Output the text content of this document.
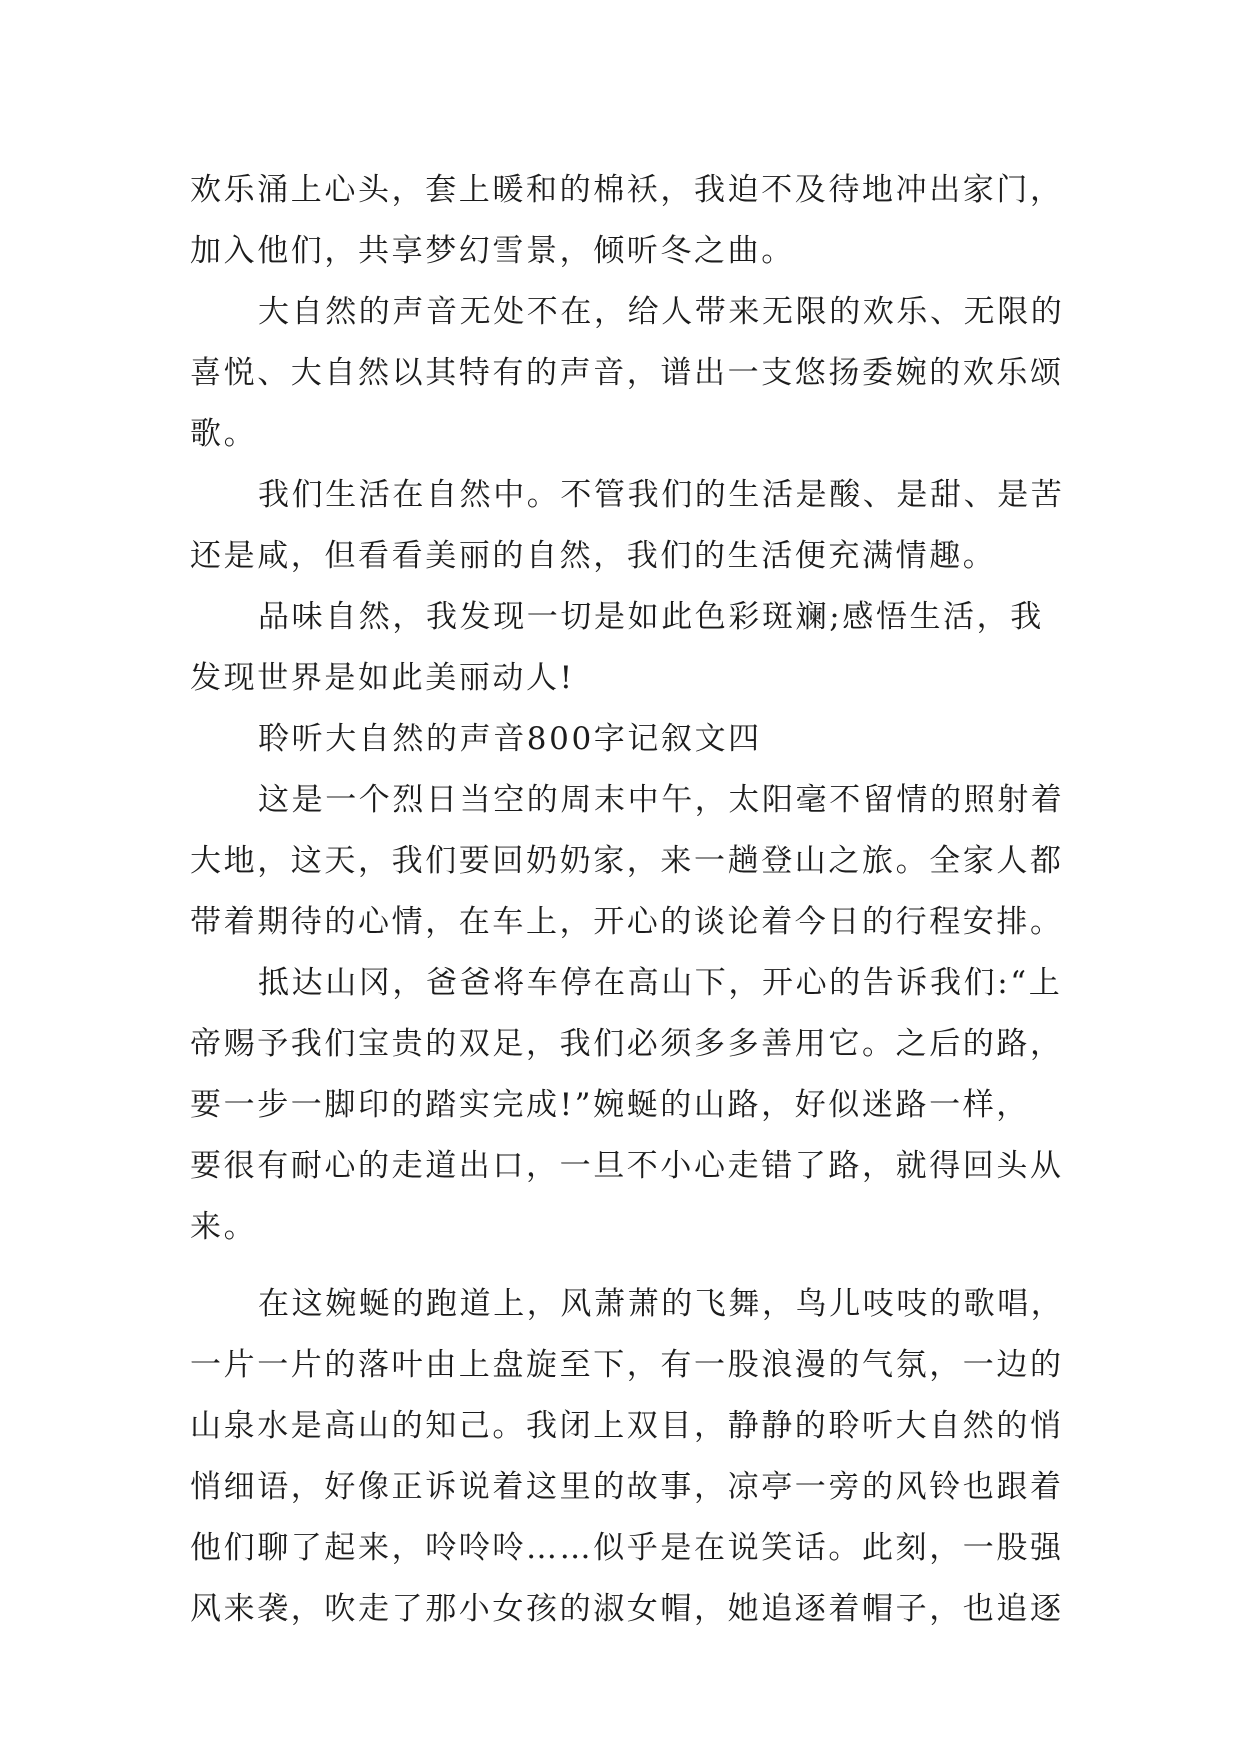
欢乐涌上心头，套上暖和的棉袄，我迫不及待地冲出家门，
加入他们，共享梦幻雪景，倾听冬之曲。
大自然的声音无处不在，给人带来无限的欢乐、无限的
喜悦、大自然以其特有的声音，谱出一支悠扬委婉的欢乐颂
歌。
我们生活在自然中。不管我们的生活是酸、是甜、是苦
还是咸，但看看美丽的自然，我们的生活便充满情趣。
品味自然，我发现一切是如此色彩斑斓;感悟生活，我
发现世界是如此美丽动人!
聆听大自然的声音800字记叙文四
这是一个烈日当空的周末中午，太阳毫不留情的照射着
大地，这天，我们要回奶奶家，来一趟登山之旅。全家人都
带着期待的心情，在车上，开心的谈论着今日的行程安排。
抵达山冈，爸爸将车停在高山下，开心的告诉我们:“上
帝赐予我们宝贵的双足，我们必须多多善用它。之后的路，
要一步一脚印的踏实完成!”婉蜒的山路，好似迷路一样，
要很有耐心的走道出口，一旦不小心走错了路，就得回头从
来。
在这婉蜒的跑道上，风萧萧的飞舞，鸟儿吱吱的歌唱，
一片一片的落叶由上盘旋至下，有一股浪漫的气氛，一边的
山泉水是高山的知己。我闭上双目，静静的聆听大自然的悄
悄细语，好像正诉说着这里的故事，凉亭一旁的风铃也跟着
他们聊了起来，呤呤呤……似乎是在说笑话。此刻，一股强
风来袭，吹走了那小女孩的淑女帽，她追逐着帽子，也追逐
